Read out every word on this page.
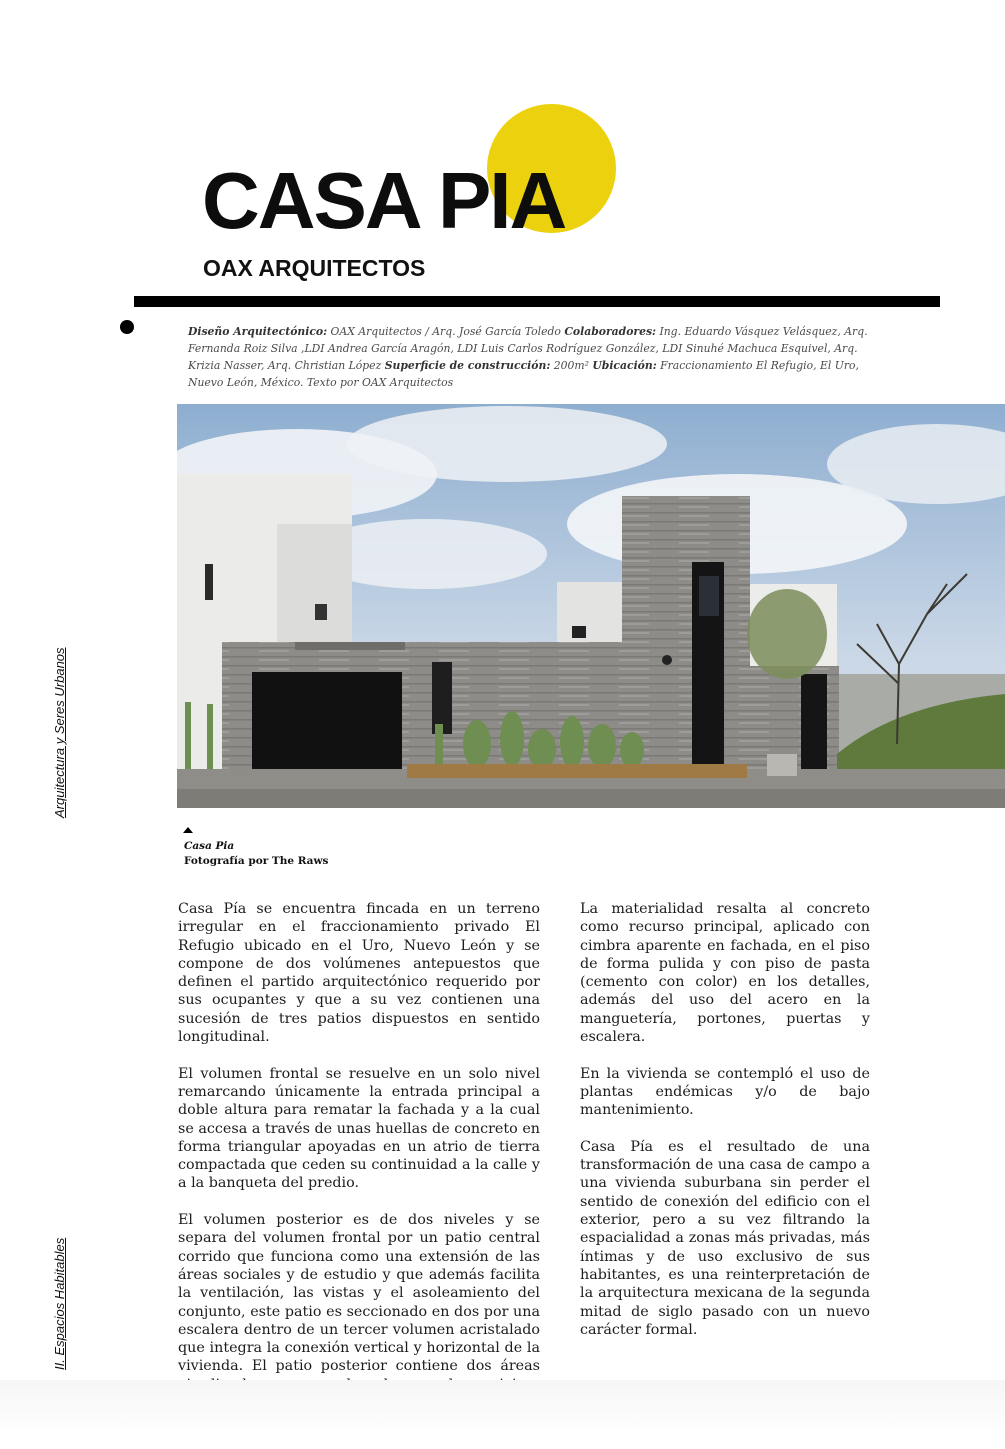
CASA PIA
OAX ARQUITECTOS

Diseño Arquitectónico: OAX Arquitectos / Arq. José García Toledo Colaboradores: Ing. Eduardo Vásquez Velásquez, Arq. Fernanda Roiz Silva ,LDI Andrea García Aragón, LDI Luis Carlos Rodríguez González, LDI Sinuhé Machuca Esquivel, Arq. Krizia Nasser, Arq. Christian López Superficie de construcción: 200m² Ubicación: Fraccionamiento El Refugio, El Uro, Nuevo León, México. Texto por OAX Arquitectos

Casa Pia
Fotografía por The Raws

Casa Pía se encuentra fincada en un terreno irregular en el fraccionamiento privado El Refugio ubicado en el Uro, Nuevo León y se compone de dos volúmenes antepuestos que definen el partido arquitectónico requerido por sus ocupantes y que a su vez contienen una sucesión de tres patios dispuestos en sentido longitudinal.

El volumen frontal se resuelve en un solo nivel remarcando únicamente la entrada principal a doble altura para rematar la fachada y a la cual se accesa a través de unas huellas de concreto en forma triangular apoyadas en un atrio de tierra compactada que ceden su continuidad a la calle y a la banqueta del predio.

El volumen posterior es de dos niveles y se separa del volumen frontal por un patio central corrido que funciona como una extensión de las áreas sociales y de estudio y que además facilita la ventilación, las vistas y el asoleamiento del conjunto, este patio es seccionado en dos por una escalera dentro de un tercer volumen acristalado que integra la conexión vertical y horizontal de la vivienda. El patio posterior contiene dos áreas

La materialidad resalta al concreto como recurso principal, aplicado con cimbra aparente en fachada, en el piso de forma pulida y con piso de pasta (cemento con color) en los detalles, además del uso del acero en la manguetería, portones, puertas y escalera.

En la vivienda se contempló el uso de plantas endémicas y/o de bajo mantenimiento.

Casa Pía es el resultado de una transformación de una casa de campo a una vivienda suburbana sin perder el sentido de conexión del edificio con el exterior, pero a su vez filtrando la espacialidad a zonas más privadas, más íntimas y de uso exclusivo de sus habitantes, es una reinterpretación de la arquitectura mexicana de la segunda mitad de siglo pasado con un nuevo carácter formal.

Arquitectura y Seres Urbanos
II. Espacios Habitables
